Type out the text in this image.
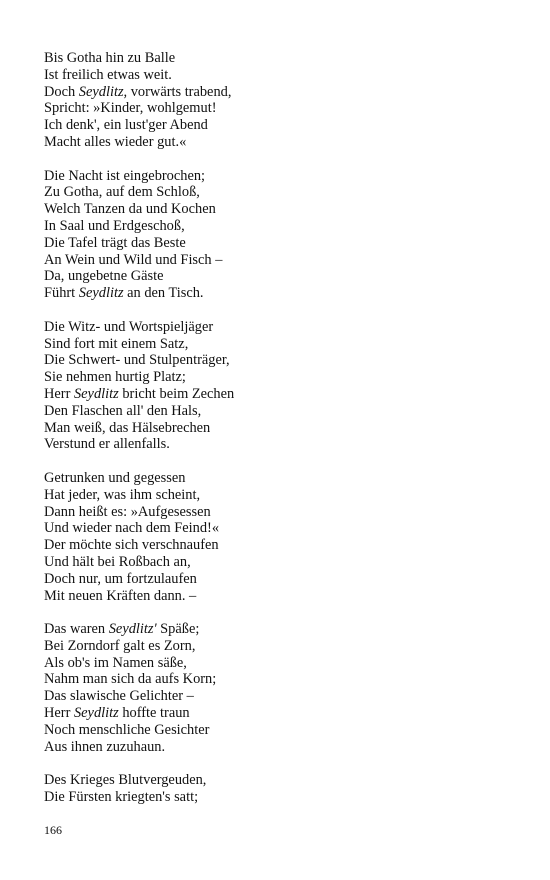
Bis Gotha hin zu Balle
Ist freilich etwas weit.
Doch Seydlitz, vorwärts trabend,
Spricht: »Kinder, wohlgemut!
Ich denk', ein lust'ger Abend
Macht alles wieder gut.«
Die Nacht ist eingebrochen;
Zu Gotha, auf dem Schloß,
Welch Tanzen da und Kochen
In Saal und Erdgeschoß,
Die Tafel trägt das Beste
An Wein und Wild und Fisch –
Da, ungebetne Gäste
Führt Seydlitz an den Tisch.
Die Witz- und Wortspieljäger
Sind fort mit einem Satz,
Die Schwert- und Stulpenträger,
Sie nehmen hurtig Platz;
Herr Seydlitz bricht beim Zechen
Den Flaschen all' den Hals,
Man weiß, das Hälsebrechen
Verstund er allenfalls.
Getrunken und gegessen
Hat jeder, was ihm scheint,
Dann heißt es: »Aufgesessen
Und wieder nach dem Feind!«
Der möchte sich verschnaufen
Und hält bei Roßbach an,
Doch nur, um fortzulaufen
Mit neuen Kräften dann. –
Das waren Seydlitz' Späße;
Bei Zorndorf galt es Zorn,
Als ob's im Namen säße,
Nahm man sich da aufs Korn;
Das slawische Gelichter –
Herr Seydlitz hoffte traun
Noch menschliche Gesichter
Aus ihnen zuzuhaun.
Des Krieges Blutvergeuden,
Die Fürsten kriegten's satt;
166
